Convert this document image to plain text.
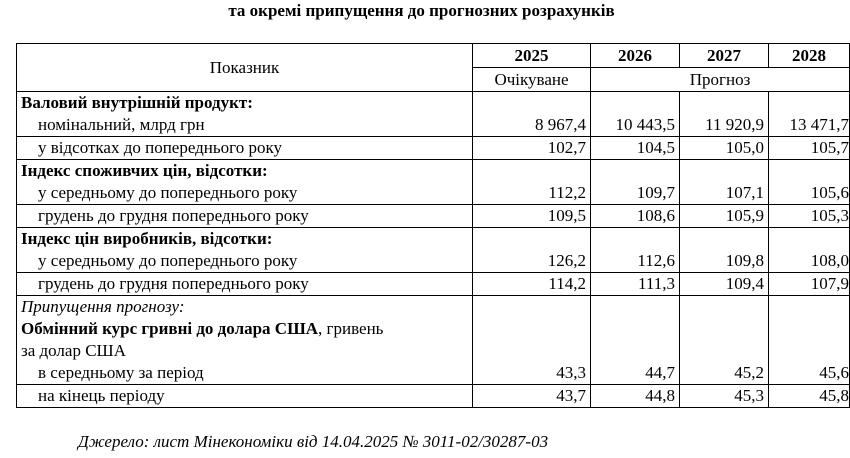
та окремі припущення до прогнозних розрахунків
Показник	2025	2026	2027	2028
	Очікуване	Прогноз		

Валовий внутрішній продукт:
номінальний, млрд грн	8 967,4	10 443,5	11 920,9	13 471,7

у відсотках до попереднього року	102,7	104,5	105,0	105,7

Індекс споживчих цін, відсотки:
у середньому до попереднього року	112,2	109,7	107,1	105,6

грудень до грудня попереднього року	109,5	108,6	105,9	105,3

Індекс цін виробників, відсотки:
у середньому до попереднього року	126,2	112,6	109,8	108,0

грудень до грудня попереднього року	114,2	111,3	109,4	107,9

Припущення прогнозу:
Обмінний курс гривні до долара США, гривень
за долар США
в середньому за період	43,3	44,7	45,2	45,6

на кінець періоду	43,7	44,8	45,3	45,8
Джерело: лист Мінекономіки від 14.04.2025 № 3011-02/30287-03
